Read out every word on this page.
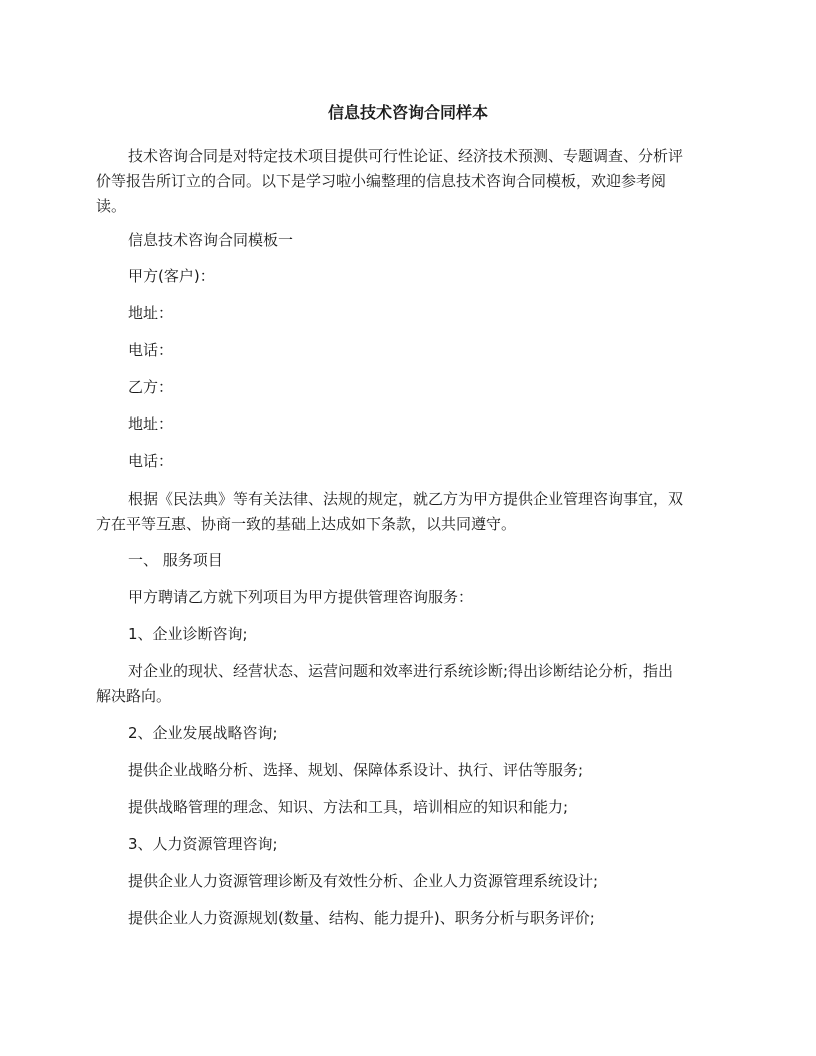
信息技术咨询合同样本
技术咨询合同是对特定技术项目提供可行性论证、经济技术预测、专题调查、分析评
价等报告所订立的合同。以下是学习啦小编整理的信息技术咨询合同模板，欢迎参考阅
读。

信息技术咨询合同模板一

甲方(客户)：

地址：

电话：

乙方：

地址：

电话：

根据《民法典》等有关法律、法规的规定，就乙方为甲方提供企业管理咨询事宜，双
方在平等互惠、协商一致的基础上达成如下条款，以共同遵守。

一、 服务项目

甲方聘请乙方就下列项目为甲方提供管理咨询服务：

1、企业诊断咨询;

对企业的现状、经营状态、运营问题和效率进行系统诊断;得出诊断结论分析，指出
解决路向。

2、企业发展战略咨询;

提供企业战略分析、选择、规划、保障体系设计、执行、评估等服务;

提供战略管理的理念、知识、方法和工具，培训相应的知识和能力;

3、人力资源管理咨询;

提供企业人力资源管理诊断及有效性分析、企业人力资源管理系统设计;

提供企业人力资源规划(数量、结构、能力提升)、职务分析与职务评价;
